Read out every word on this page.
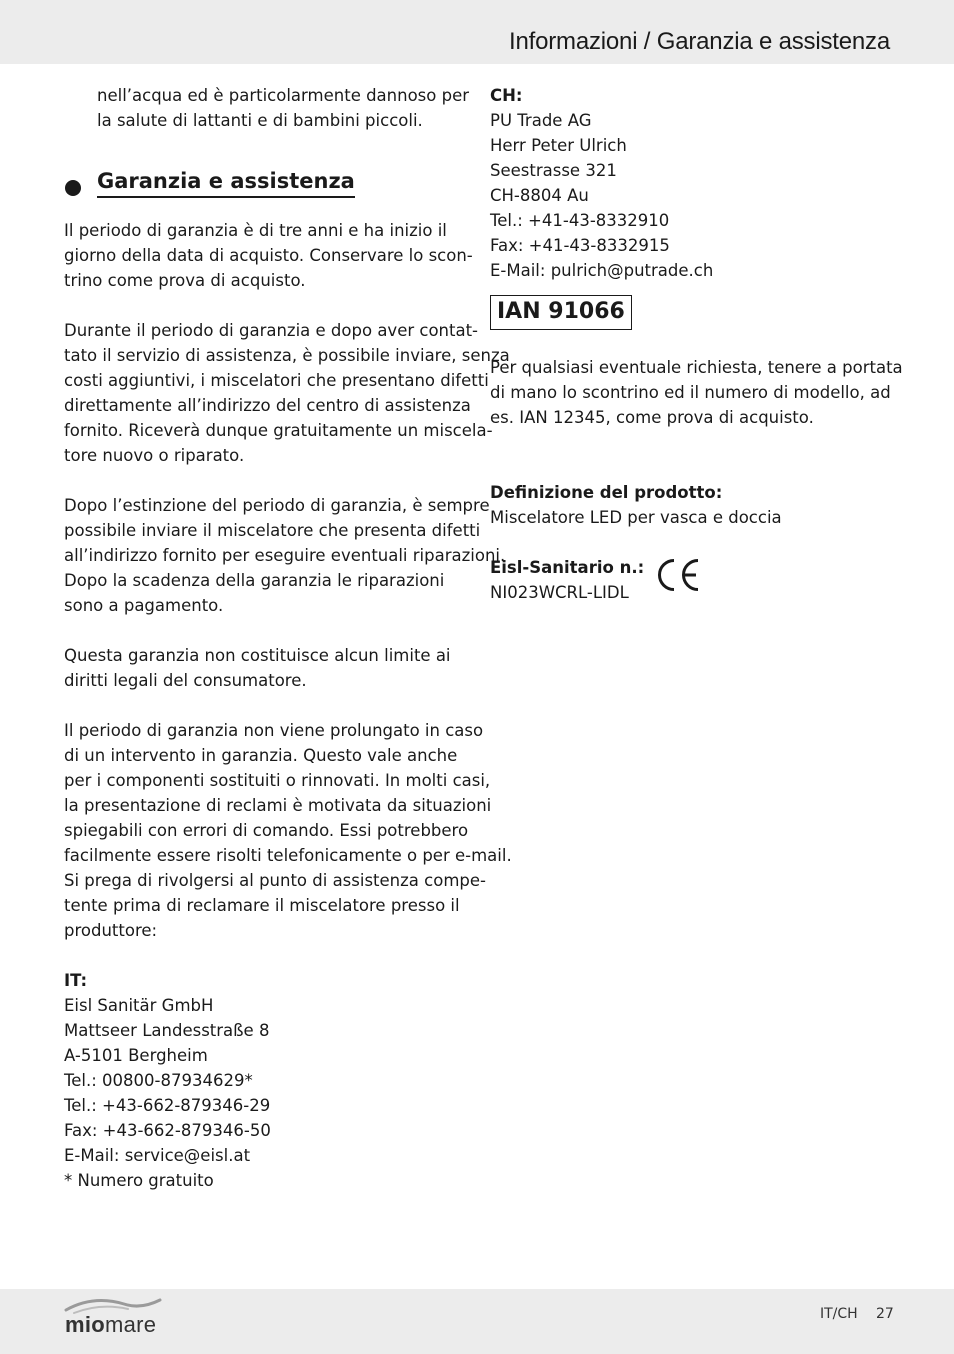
Informazioni / Garanzia e assistenza
nell’acqua ed è particolarmente dannoso per
la salute di lattanti e di bambini piccoli.
Garanzia e assistenza
Il periodo di garanzia è di tre anni e ha inizio il
giorno della data di acquisto. Conservare lo scon-
trino come prova di acquisto.
Durante il periodo di garanzia e dopo aver contat-
tato il servizio di assistenza, è possibile inviare, senza
costi aggiuntivi, i miscelatori che presentano difetti
direttamente all’indirizzo del centro di assistenza
fornito. Riceverà dunque gratuitamente un miscela-
tore nuovo o riparato.
Dopo l’estinzione del periodo di garanzia, è sempre
possibile inviare il miscelatore che presenta difetti
all’indirizzo fornito per eseguire eventuali riparazioni.
Dopo la scadenza della garanzia le riparazioni
sono a pagamento.
Questa garanzia non costituisce alcun limite ai
diritti legali del consumatore.
Il periodo di garanzia non viene prolungato in caso
di un intervento in garanzia. Questo vale anche
per i componenti sostituiti o rinnovati. In molti casi,
la presentazione di reclami è motivata da situazioni
spiegabili con errori di comando. Essi potrebbero
facilmente essere risolti telefonicamente o per e-mail.
Si prega di rivolgersi al punto di assistenza compe-
tente prima di reclamare il miscelatore presso il
produttore:
IT:
Eisl Sanitär GmbH
Mattseer Landesstraße 8
A-5101 Bergheim
Tel.: 00800-87934629*
Tel.: +43-662-879346-29
Fax: +43-662-879346-50
E-Mail: service@eisl.at
* Numero gratuito
CH:
PU Trade AG
Herr Peter Ulrich
Seestrasse 321
CH-8804 Au
Tel.: +41-43-8332910
Fax: +41-43-8332915
E-Mail: pulrich@putrade.ch
IAN 91066
Per qualsiasi eventuale richiesta, tenere a portata
di mano lo scontrino ed il numero di modello, ad
es. IAN 12345, come prova di acquisto.
Definizione del prodotto:
Miscelatore LED per vasca e doccia
Eisl-Sanitario n.:
NI023WCRL-LIDL
miomare	IT/CH 27
